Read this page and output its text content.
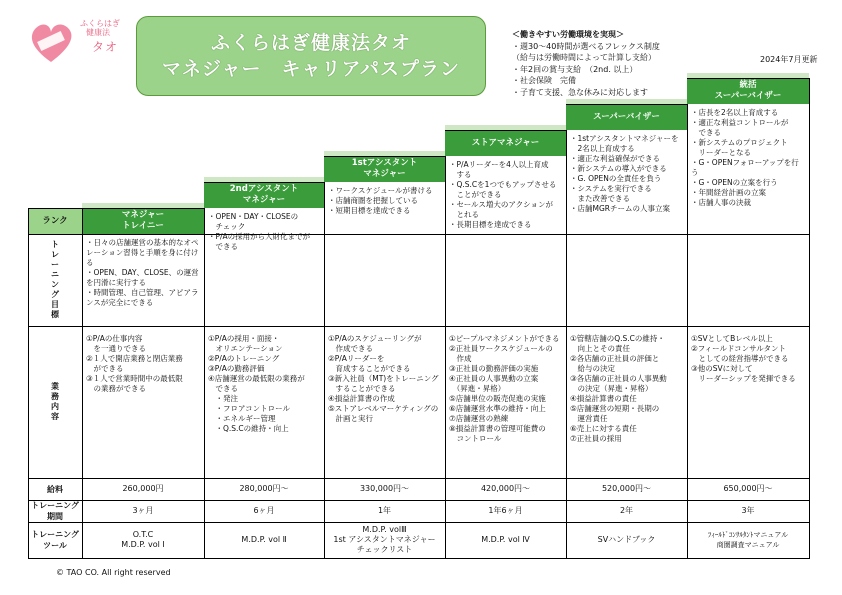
ふくらはぎ
健康法
タオ	ふくらはぎ健康法タオ
マネジャー　キャリアパスプラン
＜働きやすい労働環境を実現＞
・週30～40時間が選べるフレックス制度
（給与は労働時間によって計算し支給）
・年2回の賞与支給　（2nd. 以上）
・社会保険　完備
・子育て支援、急な休みに対応します
2024年7月更新
ランク
マネジャー
トレイニー
2ndアシスタント
マネジャー
1stアシスタント
マネジャー
ストアマネジャー
スーパーバイザー
統括
スーパーバイザー
ト
レ
ー
ニ
ン
グ
目
標
業
務
内
容
給料
トレーニング
期間
トレーニング
ツール
・日々の店舗運営の基本的なオペレーション習得と手順を身に付ける
・OPEN、DAY、CLOSE、の運営を円滑に実行する
・時間管理、自己管理、アピアランスが完全にできる
①P/Aの仕事内容
　を一通りできる
②１人で開店業務と閉店業務
　ができる
③１人で営業時間中の最低限
　の業務ができる
260,000円
3ヶ月
O.T.C
M.D.P. vol Ⅰ
・OPEN・DAY・CLOSEの
　チェック
・P/Aの採用から人財化までが
　できる
①P/Aの採用・面接・
　オリエンテーション
②P/Aのトレーニング
③P/Aの勤務評価
④店舗運営の最低限の業務が
　できる
　・発注
　・フロアコントロール
　・エネルギー管理
　・Q.S.Cの維持・向上
280,000円～
6ヶ月
M.D.P. vol Ⅱ
・ワークスケジュールが書ける
・店舗商圏を把握している
・短期目標を達成できる
①P/Aのスケジューリングが
　作成できる
②P/Aリーダーを
　育成することができる
③新入社員（MT)をトレーニング
　することができる
④損益計算書の作成
⑤ストアレベルマーケティングの
　計画と実行
330,000円～
1年
M.D.P. volⅢ
1st アシスタントマネジャー
チェックリスト
・P/Aリーダーを4人以上育成
　する
・Q.S.Cを1つでもアップさせる
　ことができる
・セールス増大のアクションが
　とれる
・長期目標を達成できる
①ピープルマネジメントができる
②正社員ワークスケジュールの
　作成
③正社員の勤務評価の実施
④正社員の人事異動の立案
　（昇進・昇格）
⑤店舗単位の販売促進の実施
⑥店舗運営水準の維持・向上
⑦店舗運営の熟練
⑧損益計算書の管理可能費の
　コントロール
420,000円～
1年6ヶ月
M.D.P. vol Ⅳ
・1stアシスタントマネジャーを
　2名以上育成する
・適正な利益確保ができる
・新システムの導入ができる
・G. OPENの全責任を負う
・システムを実行できる
　また改善できる
・店舗MGRチームの人事立案
①管轄店舗のQ.S.Cの維持・
　向上とその責任
②各店舗の正社員の評価と
　給与の決定
③各店舗の正社員の人事異動
　の決定（昇進・昇格）
④損益計算書の責任
⑤店舗運営の短期・長期の
　運営責任
⑥売上に対する責任
⑦正社員の採用
520,000円～
2年
SVハンドブック
・店長を2名以上育成する
・適正な利益コントロールが
　できる
・新システムのプロジェクト
　リーダーとなる
・G・OPENフォローアップを行う
・G・OPENの立案を行う
・年間経営計画の立案
・店舗人事の決裁
①SVとしてBレベル以上
②フィールドコンサルタント
　としての経営指導ができる
③他のSVに対して
　リーダーシップを発揮できる
650,000円～
3年
ﾌｨｰﾙﾄﾞｺﾝｻﾙﾀﾝﾄマニュアル
商圏調査マニュアル
© TAO CO. All right reserved
